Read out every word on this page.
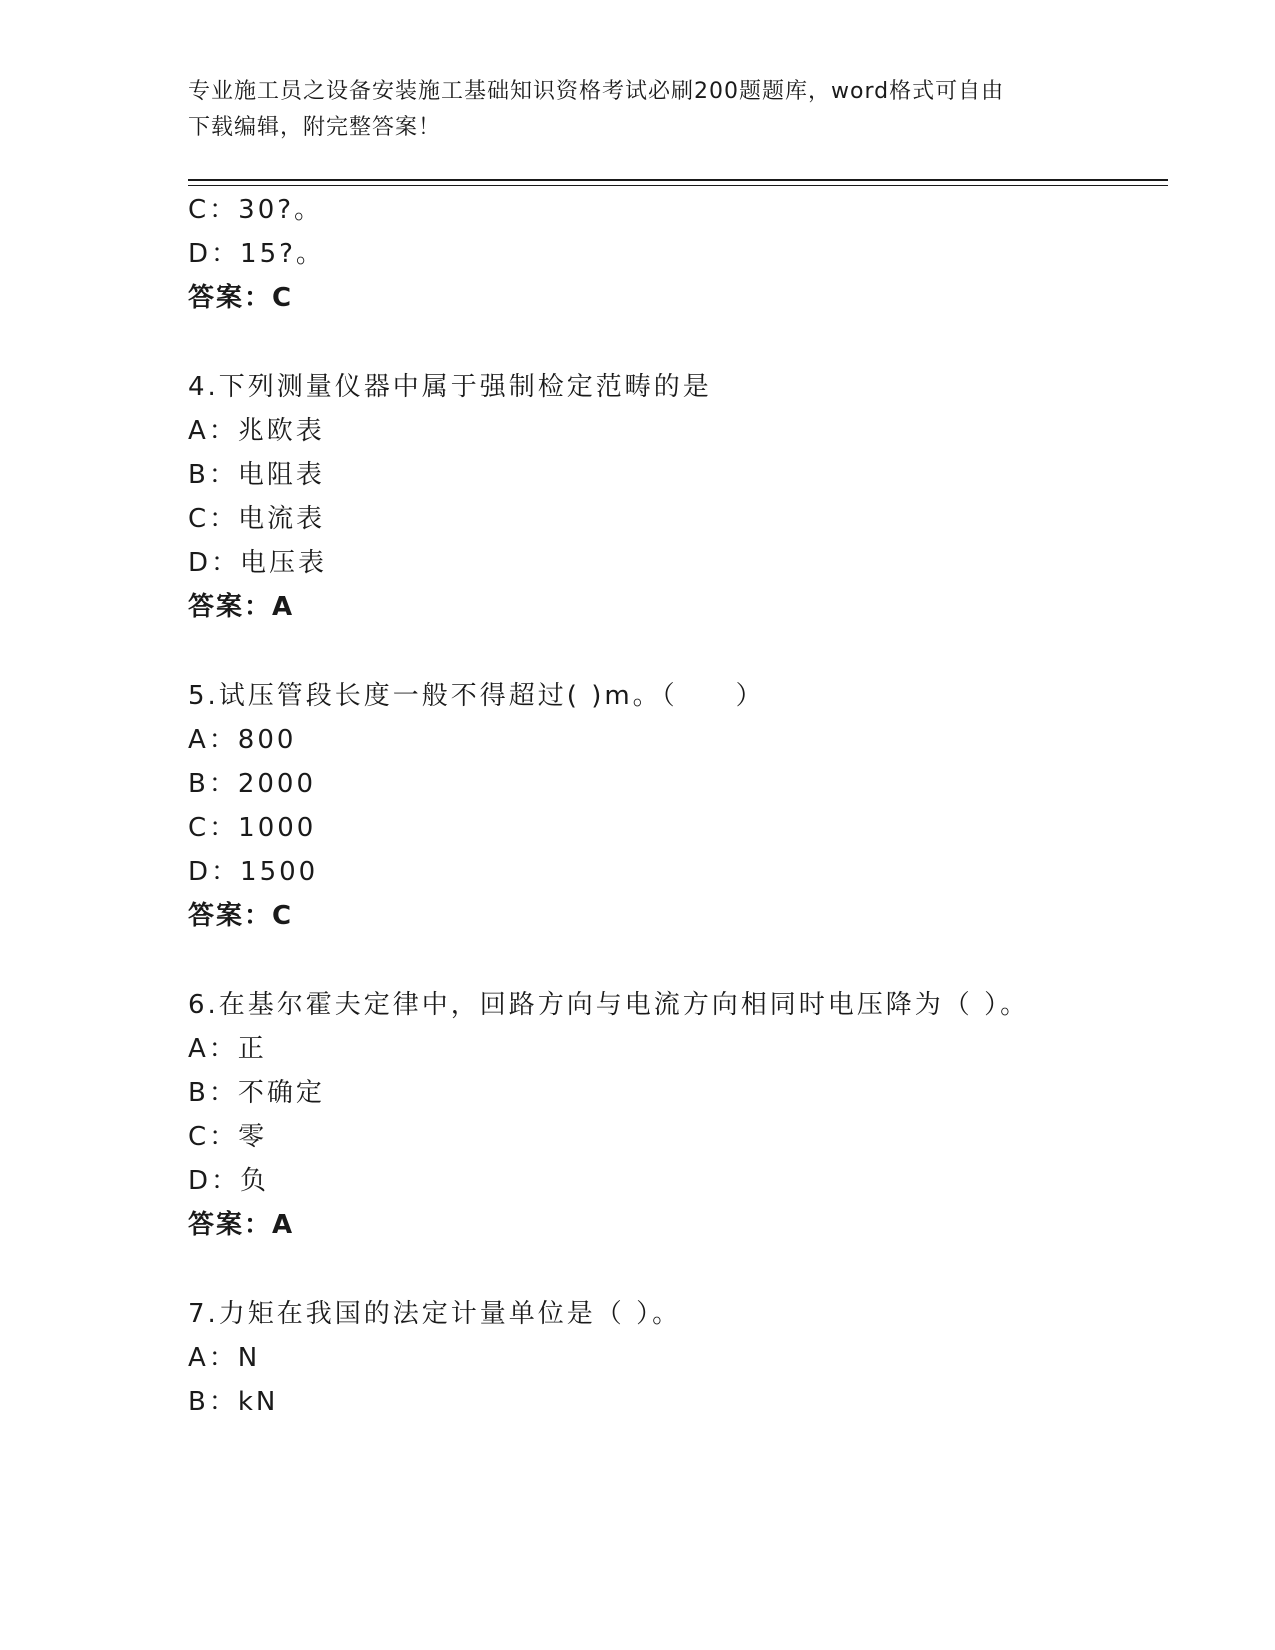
专业施工员之设备安装施工基础知识资格考试必刷200题题库，word格式可自由
下载编辑，附完整答案！
C：30?。
D：15?。
答案：C
4.下列测量仪器中属于强制检定范畴的是
A：兆欧表
B：电阻表
C：电流表
D：电压表
答案：A
5.试压管段长度一般不得超过( )m。（　　）
A：800
B：2000
C：1000
D：1500
答案：C
6.在基尔霍夫定律中，回路方向与电流方向相同时电压降为（ ）。
A：正
B：不确定
C：零
D：负
答案：A
7.力矩在我国的法定计量单位是（ ）。
A：N
B：kN
